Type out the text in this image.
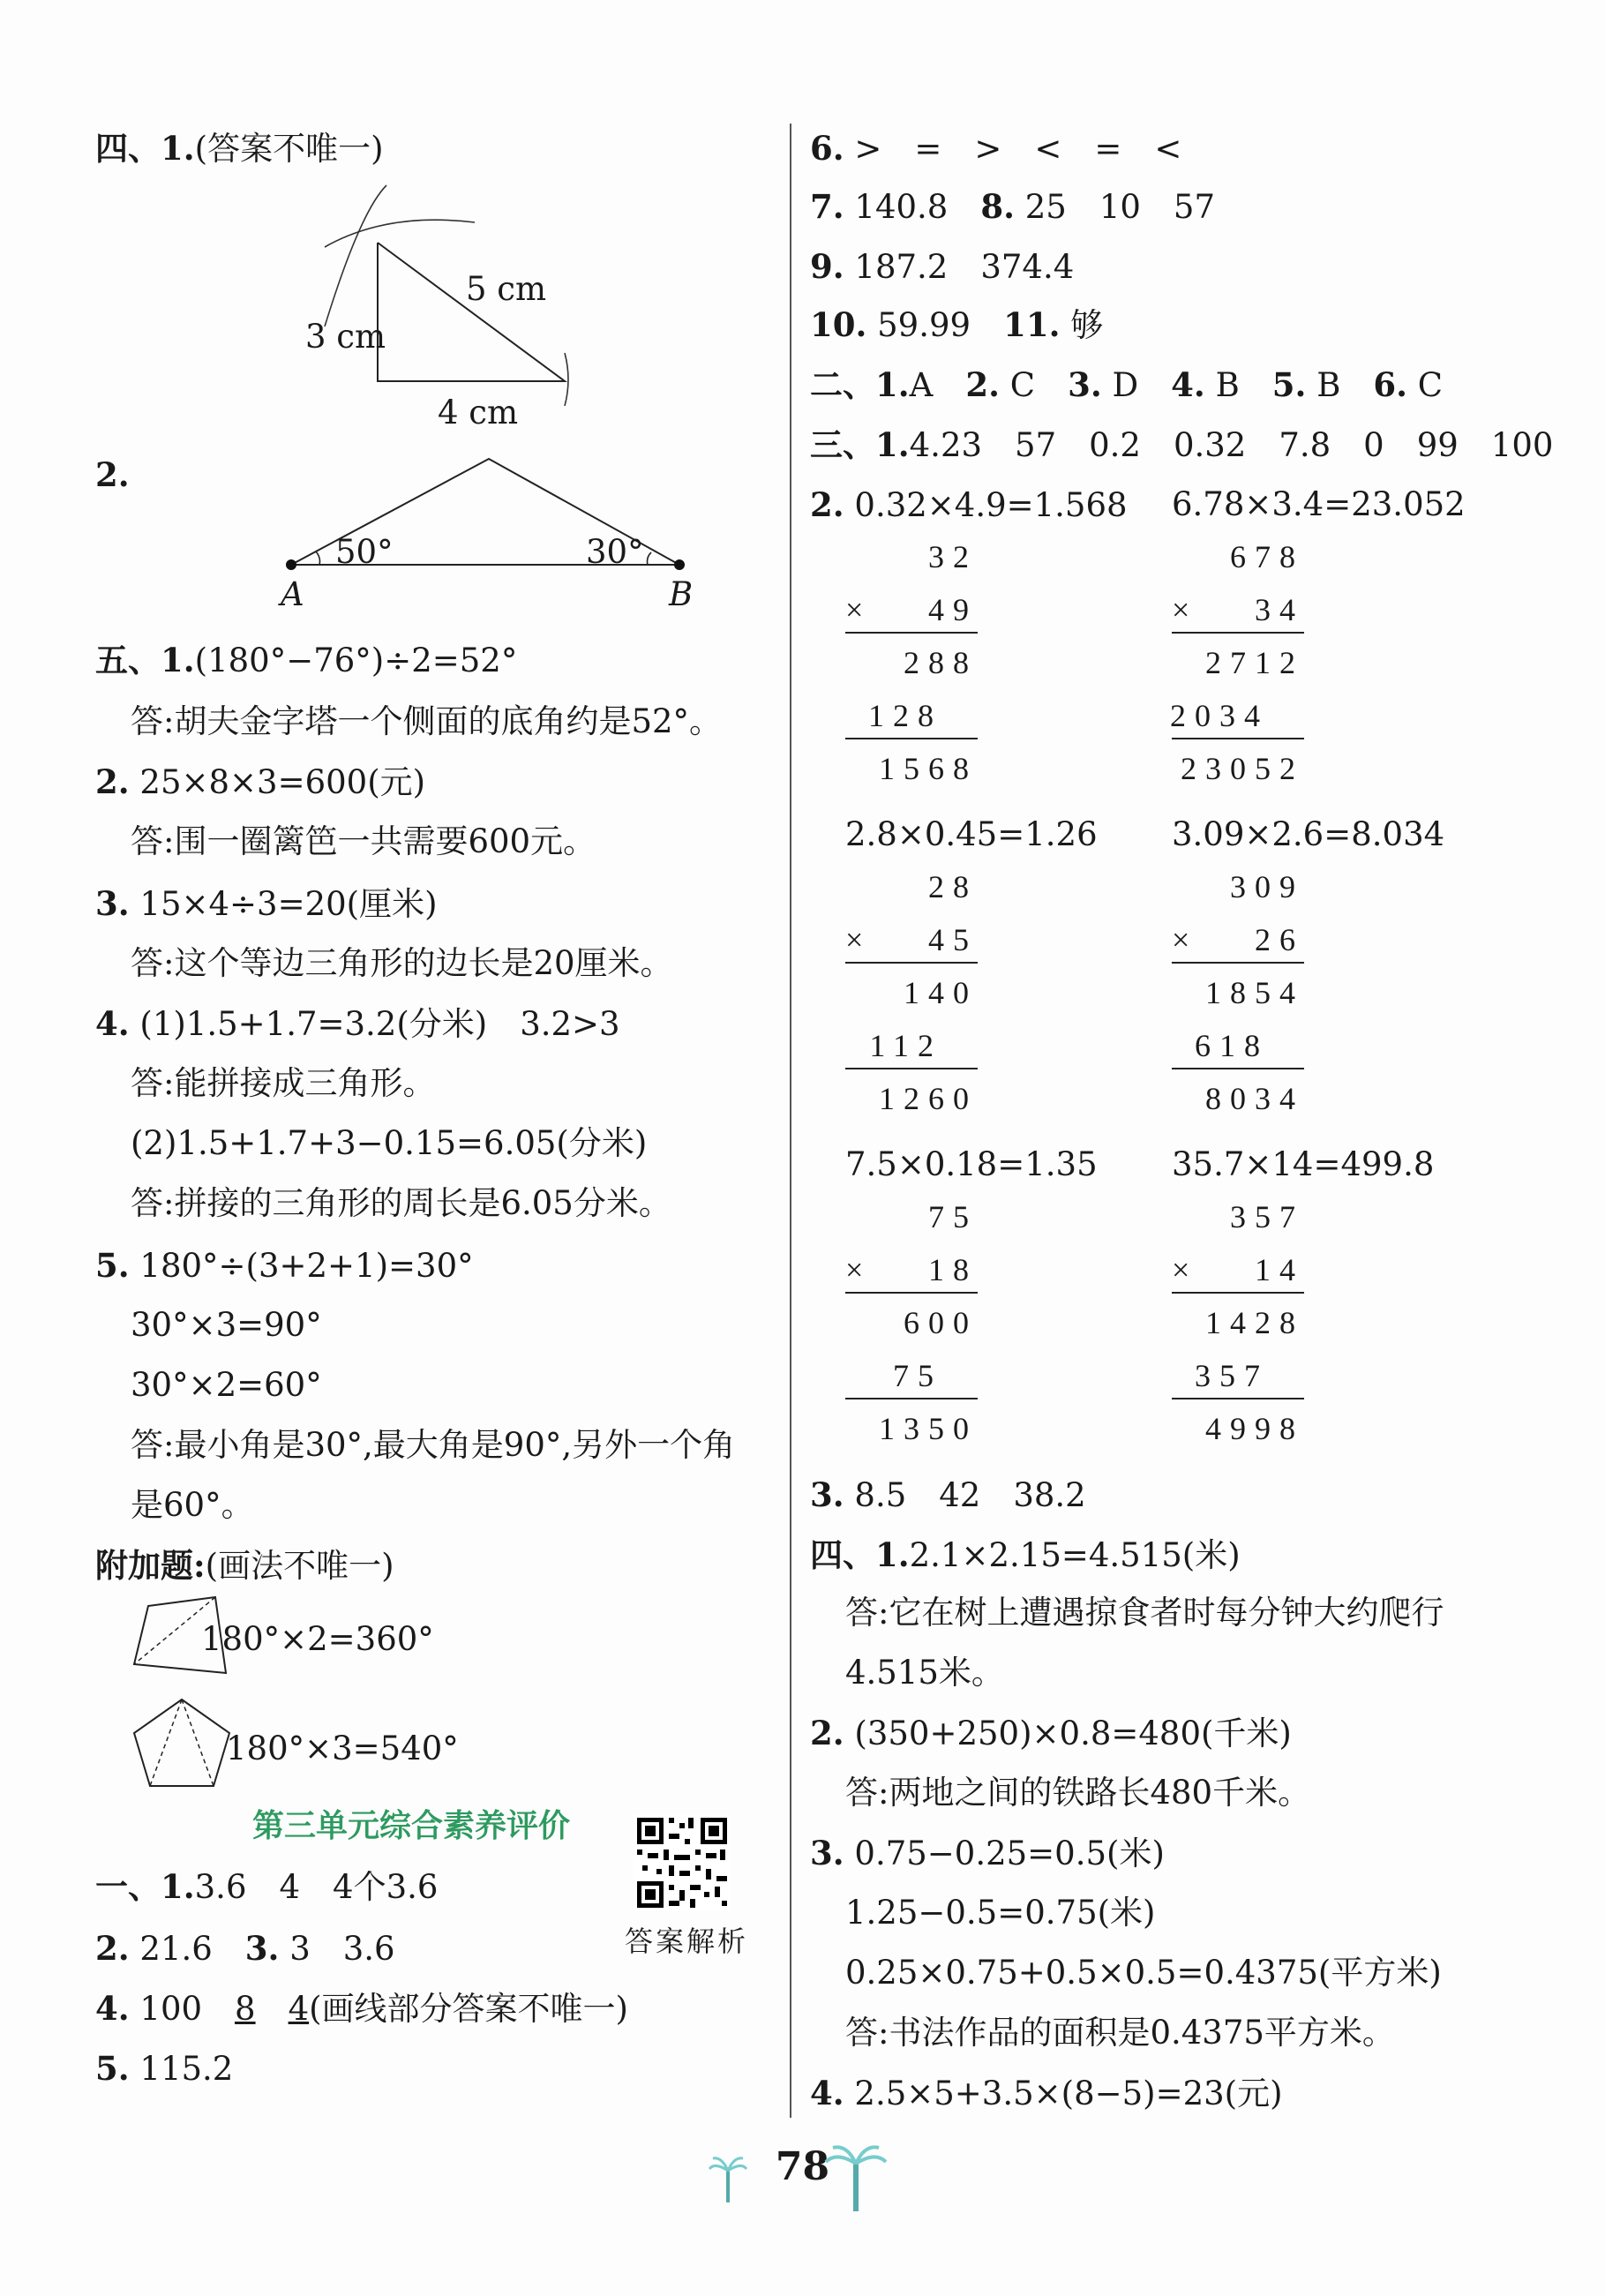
四、1.(答案不唯一)
5 cm
3 cm
4 cm
2.
50°	30°
A	B
五、1.(180°−76°)÷2=52°
答:胡夫金字塔一个侧面的底角约是52°。
2. 25×8×3=600(元)
答:围一圈篱笆一共需要600元。
3. 15×4÷3=20(厘米)
答:这个等边三角形的边长是20厘米。
4. (1)1.5+1.7=3.2(分米)　3.2>3
答:能拼接成三角形。
(2)1.5+1.7+3−0.15=6.05(分米)
答:拼接的三角形的周长是6.05分米。
5. 180°÷(3+2+1)=30°
30°×3=90°
30°×2=60°
答:最小角是30°,最大角是90°,另外一个角
是60°。
附加题:(画法不唯一)
180°×2=360°
180°×3=540°
第三单元综合素养评价
答案解析
一、1.3.6　4　4个3.6
2. 21.6　 3. 3　3.6
4. 100　 8　 4(画线部分答案不唯一)
5. 115.2
6. >　=　>　<　=　<
7. 140.8　 8. 25　10　57
9. 187.2　374.4
10. 59.99　 11. 够
二、1.A　 2. C　 3. D　 4. B　 5. B　 6. C
三、1.4.23　57　0.2　0.32　7.8　0　99　100
2. 0.32×4.9=1.568 6.78×3.4=23.052
2.8×0.45=1.26 3.09×2.6=8.034
7.5×0.18=1.35 35.7×14=499.8
3. 8.5　42　38.2
四、1.2.1×2.15=4.515(米)
答:它在树上遭遇掠食者时每分钟大约爬行
4.515米。
2. (350+250)×0.8=480(千米)
答:两地之间的铁路长480千米。
3. 0.75−0.25=0.5(米)
1.25−0.5=0.75(米)
0.25×0.75+0.5×0.5=0.4375(平方米)
答:书法作品的面积是0.4375平方米。
4. 2.5×5+3.5×(8−5)=23(元)
32
49
×
288
128
1568
678
34
×
2712
2034
23052
28
45
×
140
112
1260
309
26
×
1854
618
8034
75
18
×
600
75
1350
357
14
×
1428
357
4998
78
